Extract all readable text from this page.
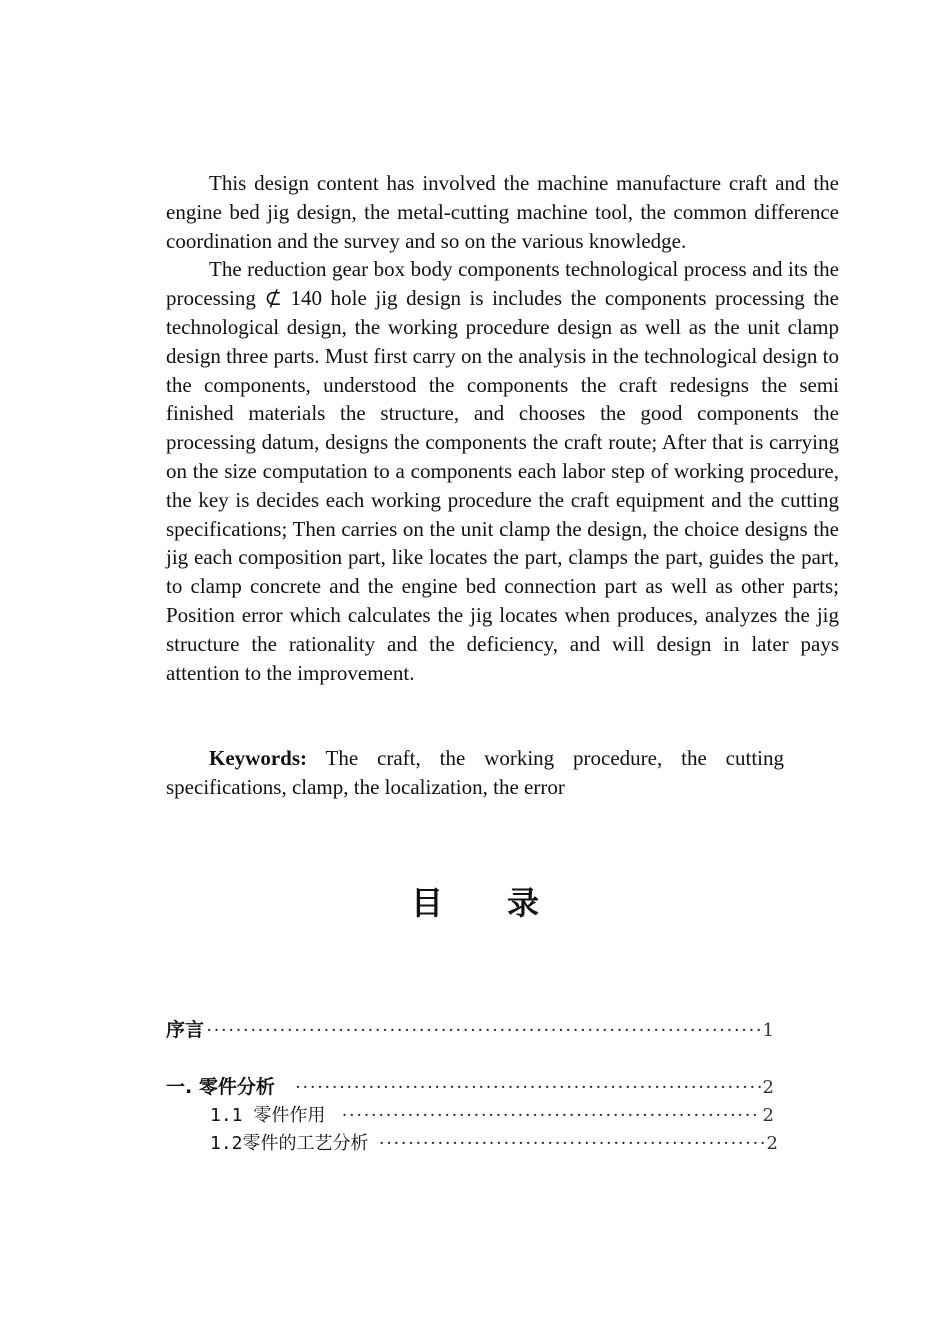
This design content has involved the machine manufacture craft and the engine bed jig design, the metal-cutting machine tool, the common difference coordination and the survey and so on the various knowledge.

The reduction gear box body components technological process and its the processing ⊄ 140 hole jig design is includes the components processing the technological design, the working procedure design as well as the unit clamp design three parts. Must first carry on the analysis in the technological design to the components, understood the components the craft redesigns the semi finished materials the structure, and chooses the good components the processing datum, designs the components the craft route; After that is carrying on the size computation to a components each labor step of working procedure, the key is decides each working procedure the craft equipment and the cutting specifications; Then carries on the unit clamp the design, the choice designs the jig each composition part, like locates the part, clamps the part, guides the part, to clamp concrete and the engine bed connection part as well as other parts; Position error which calculates the jig locates when produces, analyzes the jig structure the rationality and the deficiency, and will design in later pays attention to the improvement.

Keywords: The craft, the working procedure, the cutting specifications, clamp, the localization, the error
目录
序言 ·····	1
一. 零件分析 ·····	2
1.1 零件作用 ·····	2
1.2零件的工艺分析 ·····	2
